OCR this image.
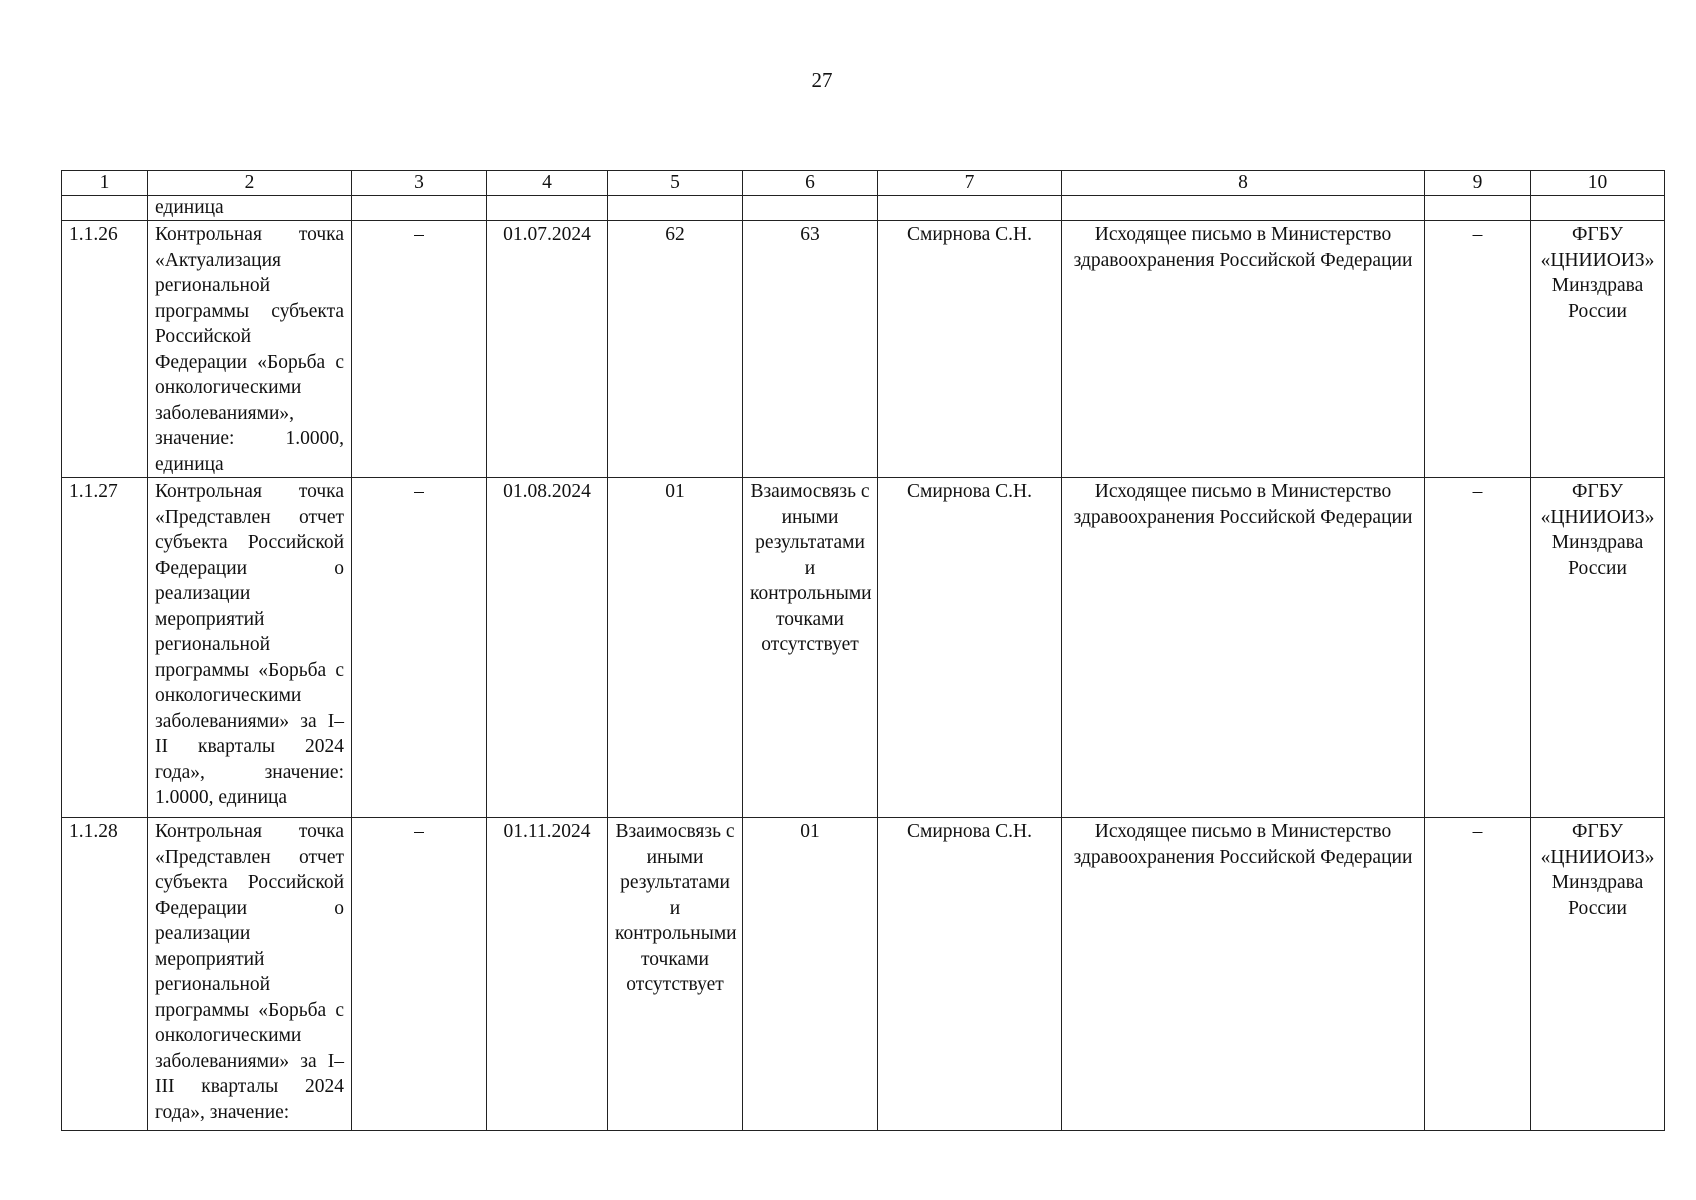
27
1	2	3	4	5	6	7	8	9	10
	единица								
1.1.26	Контрольная точка «Актуализация региональной программы субъекта Российской Федерации «Борьба с онкологическими заболеваниями», значение: 1.0000, единица	–	01.07.2024	62	63	Смирнова С.Н.	Исходящее письмо в Министерство здравоохранения Российской Федерации	–	ФГБУ «ЦНИИОИЗ» Минздрава России
1.1.27	Контрольная точка «Представлен отчет субъекта Российской Федерации о реализации мероприятий региональной программы «Борьба с онкологическими заболеваниями» за I–II кварталы 2024 года», значение: 1.0000, единица	–	01.08.2024	01	Взаимосвязь с иными результатами и контрольными точками отсутствует	Смирнова С.Н.	Исходящее письмо в Министерство здравоохранения Российской Федерации	–	ФГБУ «ЦНИИОИЗ» Минздрава России
1.1.28	Контрольная точка «Представлен отчет субъекта Российской Федерации о реализации мероприятий региональной программы «Борьба с онкологическими заболеваниями» за I–III кварталы 2024 года», значение:	–	01.11.2024	Взаимосвязь с иными результатами и контрольными точками отсутствует	01	Смирнова С.Н.	Исходящее письмо в Министерство здравоохранения Российской Федерации	–	ФГБУ «ЦНИИОИЗ» Минздрава России
